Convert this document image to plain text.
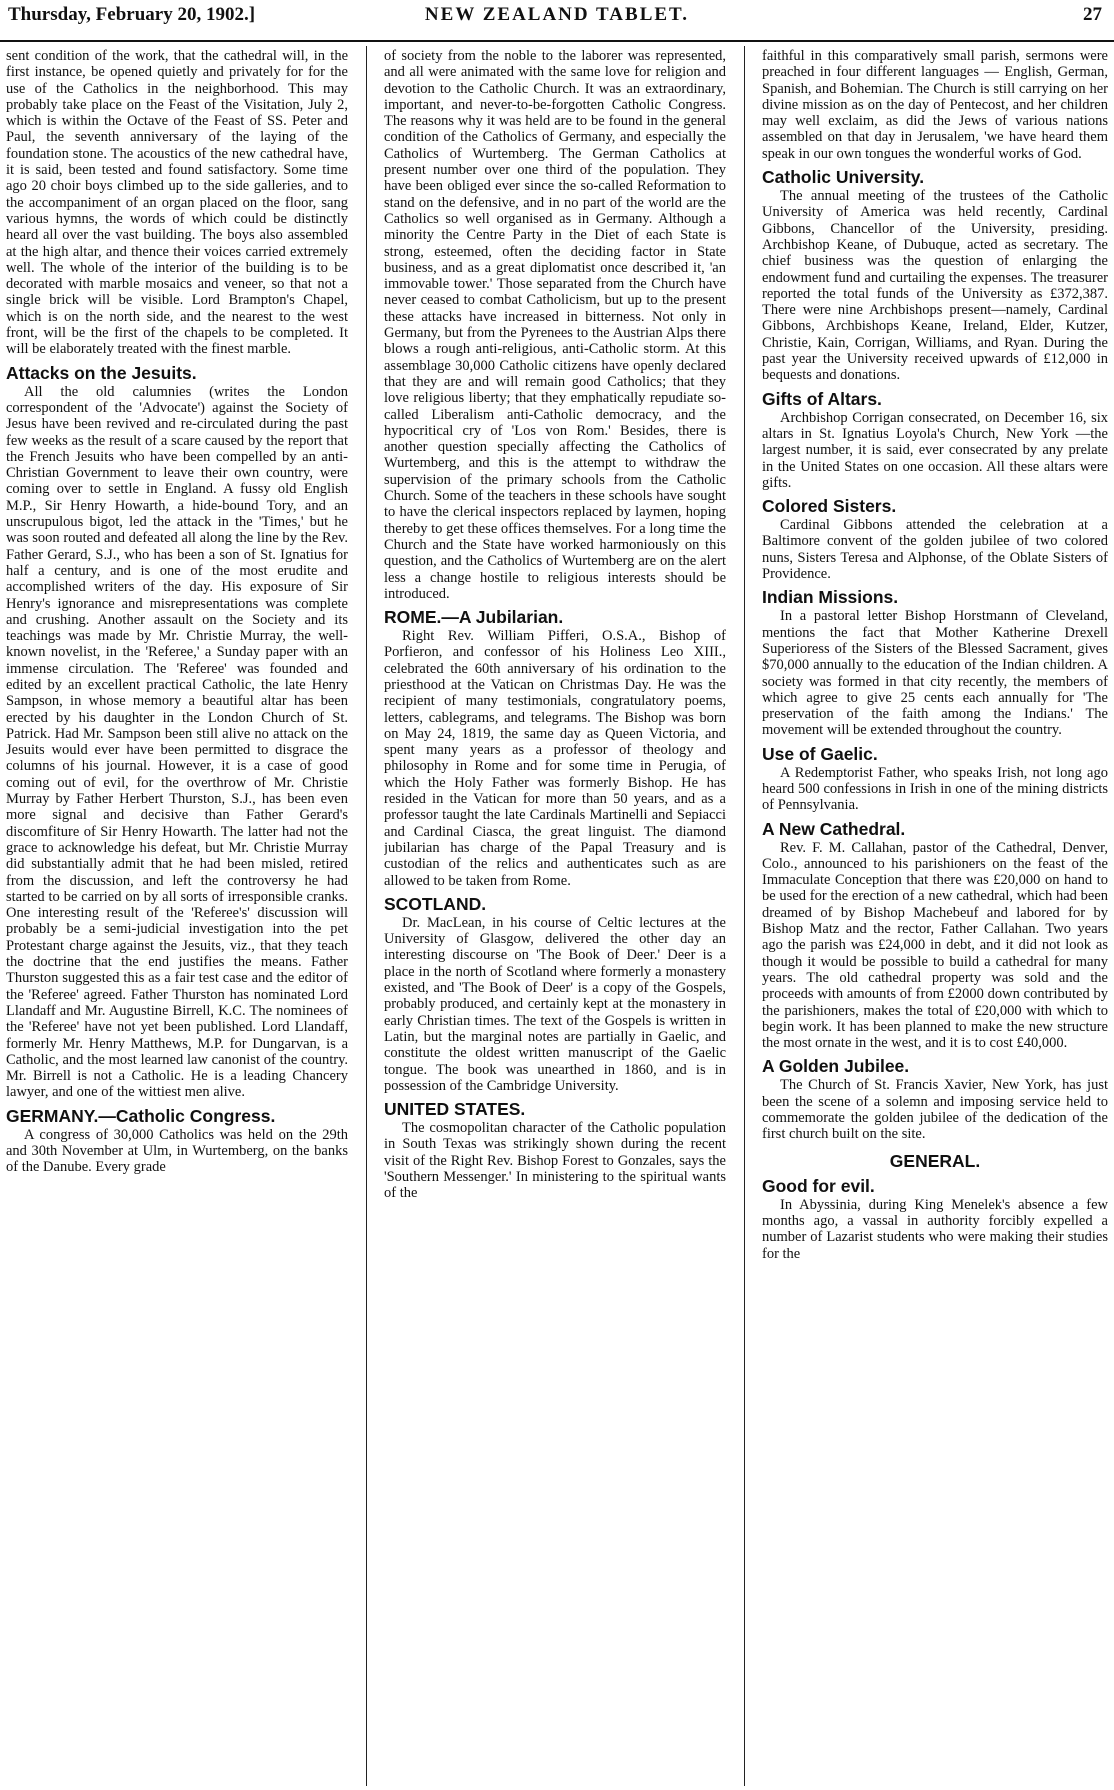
Thursday, February 20, 1902.]	NEW ZEALAND TABLET.	27

sent condition of the work, that the cathedral will, in the first instance, be opened quietly and privately for for the use of the Catholics in the neighborhood. This may probably take place on the Feast of the Visitation, July 2, which is within the Octave of the Feast of SS. Peter and Paul, the seventh anniversary of the laying of the foundation stone. The acoustics of the new cathedral have, it is said, been tested and found satisfactory. Some time ago 20 choir boys climbed up to the side galleries, and to the accompaniment of an organ placed on the floor, sang various hymns, the words of which could be distinctly heard all over the vast building. The boys also assembled at the high altar, and thence their voices carried extremely well. The whole of the interior of the building is to be decorated with marble mosaics and veneer, so that not a single brick will be visible. Lord Brampton's Chapel, which is on the north side, and the nearest to the west front, will be the first of the chapels to be completed. It will be elaborately treated with the finest marble.

Attacks on the Jesuits.

All the old calumnies (writes the London correspondent of the 'Advocate') against the Society of Jesus have been revived and re-circulated during the past few weeks as the result of a scare caused by the report that the French Jesuits who have been compelled by an anti-Christian Government to leave their own country, were coming over to settle in England. A fussy old English M.P., Sir Henry Howarth, a hide-bound Tory, and an unscrupulous bigot, led the attack in the 'Times,' but he was soon routed and defeated all along the line by the Rev. Father Gerard, S.J., who has been a son of St. Ignatius for half a century, and is one of the most erudite and accomplished writers of the day. His exposure of Sir Henry's ignorance and misrepresentations was complete and crushing. Another assault on the Society and its teachings was made by Mr. Christie Murray, the well-known novelist, in the 'Referee,' a Sunday paper with an immense circulation. The 'Referee' was founded and edited by an excellent practical Catholic, the late Henry Sampson, in whose memory a beautiful altar has been erected by his daughter in the London Church of St. Patrick. Had Mr. Sampson been still alive no attack on the Jesuits would ever have been permitted to disgrace the columns of his journal. However, it is a case of good coming out of evil, for the overthrow of Mr. Christie Murray by Father Herbert Thurston, S.J., has been even more signal and decisive than Father Gerard's discomfiture of Sir Henry Howarth. The latter had not the grace to acknowledge his defeat, but Mr. Christie Murray did substantially admit that he had been misled, retired from the discussion, and left the controversy he had started to be carried on by all sorts of irresponsible cranks. One interesting result of the 'Referee's' discussion will probably be a semi-judicial investigation into the pet Protestant charge against the Jesuits, viz., that they teach the doctrine that the end justifies the means. Father Thurston suggested this as a fair test case and the editor of the 'Referee' agreed. Father Thurston has nominated Lord Llandaff and Mr. Augustine Birrell, K.C. The nominees of the 'Referee' have not yet been published. Lord Llandaff, formerly Mr. Henry Matthews, M.P. for Dungarvan, is a Catholic, and the most learned law canonist of the country. Mr. Birrell is not a Catholic. He is a leading Chancery lawyer, and one of the wittiest men alive.

GERMANY.—Catholic Congress.

A congress of 30,000 Catholics was held on the 29th and 30th November at Ulm, in Wurtemberg, on the banks of the Danube. Every grade

of society from the noble to the laborer was represented, and all were animated with the same love for religion and devotion to the Catholic Church. It was an extraordinary, important, and never-to-be-forgotten Catholic Congress. The reasons why it was held are to be found in the general condition of the Catholics of Germany, and especially the Catholics of Wurtemberg. The German Catholics at present number over one third of the population. They have been obliged ever since the so-called Reformation to stand on the defensive, and in no part of the world are the Catholics so well organised as in Germany. Although a minority the Centre Party in the Diet of each State is strong, esteemed, often the deciding factor in State business, and as a great diplomatist once described it, 'an immovable tower.' Those separated from the Church have never ceased to combat Catholicism, but up to the present these attacks have increased in bitterness. Not only in Germany, but from the Pyrenees to the Austrian Alps there blows a rough anti-religious, anti-Catholic storm. At this assemblage 30,000 Catholic citizens have openly declared that they are and will remain good Catholics; that they love religious liberty; that they emphatically repudiate so-called Liberalism anti-Catholic democracy, and the hypocritical cry of 'Los von Rom.' Besides, there is another question specially affecting the Catholics of Wurtemberg, and this is the attempt to withdraw the supervision of the primary schools from the Catholic Church. Some of the teachers in these schools have sought to have the clerical inspectors replaced by laymen, hoping thereby to get these offices themselves. For a long time the Church and the State have worked harmoniously on this question, and the Catholics of Wurtemberg are on the alert less a change hostile to religious interests should be introduced.

ROME.—A Jubilarian.

Right Rev. William Pifferi, O.S.A., Bishop of Porfieron, and confessor of his Holiness Leo XIII., celebrated the 60th anniversary of his ordination to the priesthood at the Vatican on Christmas Day. He was the recipient of many testimonials, congratulatory poems, letters, cablegrams, and telegrams. The Bishop was born on May 24, 1819, the same day as Queen Victoria, and spent many years as a professor of theology and philosophy in Rome and for some time in Perugia, of which the Holy Father was formerly Bishop. He has resided in the Vatican for more than 50 years, and as a professor taught the late Cardinals Martinelli and Sepiacci and Cardinal Ciasca, the great linguist. The diamond jubilarian has charge of the Papal Treasury and is custodian of the relics and authenticates such as are allowed to be taken from Rome.

SCOTLAND.

Dr. MacLean, in his course of Celtic lectures at the University of Glasgow, delivered the other day an interesting discourse on 'The Book of Deer.' Deer is a place in the north of Scotland where formerly a monastery existed, and 'The Book of Deer' is a copy of the Gospels, probably produced, and certainly kept at the monastery in early Christian times. The text of the Gospels is written in Latin, but the marginal notes are partially in Gaelic, and constitute the oldest written manuscript of the Gaelic tongue. The book was unearthed in 1860, and is in possession of the Cambridge University.

UNITED STATES.

The cosmopolitan character of the Catholic population in South Texas was strikingly shown during the recent visit of the Right Rev. Bishop Forest to Gonzales, says the 'Southern Messenger.' In ministering to the spiritual wants of the

faithful in this comparatively small parish, sermons were preached in four different languages — English, German, Spanish, and Bohemian. The Church is still carrying on her divine mission as on the day of Pentecost, and her children may well exclaim, as did the Jews of various nations assembled on that day in Jerusalem, 'we have heard them speak in our own tongues the wonderful works of God.

Catholic University.

The annual meeting of the trustees of the Catholic University of America was held recently, Cardinal Gibbons, Chancellor of the University, presiding. Archbishop Keane, of Dubuque, acted as secretary. The chief business was the question of enlarging the endowment fund and curtailing the expenses. The treasurer reported the total funds of the University as £372,387. There were nine Archbishops present—namely, Cardinal Gibbons, Archbishops Keane, Ireland, Elder, Kutzer, Christie, Kain, Corrigan, Williams, and Ryan. During the past year the University received upwards of £12,000 in bequests and donations.

Gifts of Altars.

Archbishop Corrigan consecrated, on December 16, six altars in St. Ignatius Loyola's Church, New York —the largest number, it is said, ever consecrated by any prelate in the United States on one occasion. All these altars were gifts.

Colored Sisters.

Cardinal Gibbons attended the celebration at a Baltimore convent of the golden jubilee of two colored nuns, Sisters Teresa and Alphonse, of the Oblate Sisters of Providence.

Indian Missions.

In a pastoral letter Bishop Horstmann of Cleveland, mentions the fact that Mother Katherine Drexell Superioress of the Sisters of the Blessed Sacrament, gives $70,000 annually to the education of the Indian children. A society was formed in that city recently, the members of which agree to give 25 cents each annually for 'The preservation of the faith among the Indians.' The movement will be extended throughout the country.

Use of Gaelic.

A Redemptorist Father, who speaks Irish, not long ago heard 500 confessions in Irish in one of the mining districts of Pennsylvania.

A New Cathedral.

Rev. F. M. Callahan, pastor of the Cathedral, Denver, Colo., announced to his parishioners on the feast of the Immaculate Conception that there was £20,000 on hand to be used for the erection of a new cathedral, which had been dreamed of by Bishop Machebeuf and labored for by Bishop Matz and the rector, Father Callahan. Two years ago the parish was £24,000 in debt, and it did not look as though it would be possible to build a cathedral for many years. The old cathedral property was sold and the proceeds with amounts of from £2000 down contributed by the parishioners, makes the total of £20,000 with which to begin work. It has been planned to make the new structure the most ornate in the west, and it is to cost £40,000.

A Golden Jubilee.

The Church of St. Francis Xavier, New York, has just been the scene of a solemn and imposing service held to commemorate the golden jubilee of the dedication of the first church built on the site.

GENERAL.
Good for evil.

In Abyssinia, during King Menelek's absence a few months ago, a vassal in authority forcibly expelled a number of Lazarist students who were making their studies for the
